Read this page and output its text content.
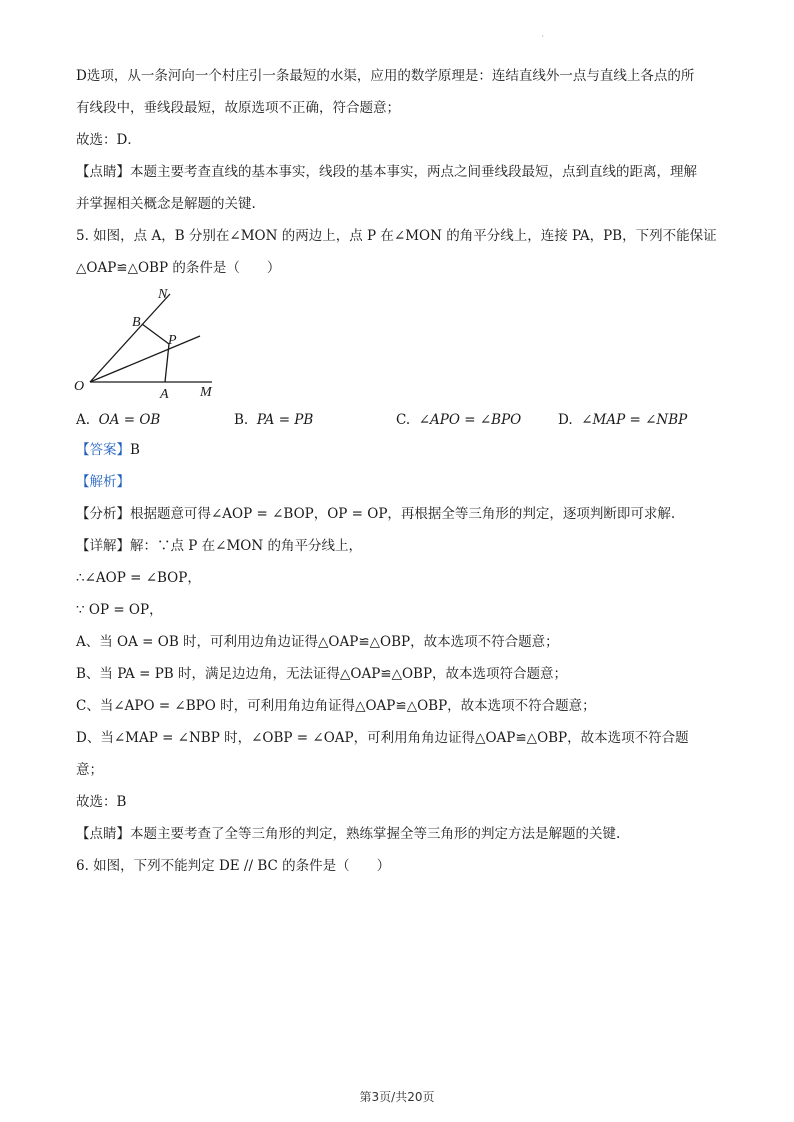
·
D选项，从一条河向一个村庄引一条最短的水渠，应用的数学原理是：连结直线外一点与直线上各点的所
有线段中，垂线段最短，故原选项不正确，符合题意；
故选：D．
【点睛】本题主要考查直线的基本事实，线段的基本事实，两点之间垂线段最短，点到直线的距离，理解
并掌握相关概念是解题的关键.
5. 如图，点 A，B 分别在∠MON 的两边上，点 P 在∠MON 的角平分线上，连接 PA，PB，下列不能保证
△OAP≌△OBP 的条件是（　　）
N
B
P
O
A M
A. OA = OB	B. PA = PB	C. ∠APO = ∠BPO	D. ∠MAP = ∠NBP
【答案】B
【解析】
【分析】根据题意可得∠AOP = ∠BOP，OP = OP，再根据全等三角形的判定，逐项判断即可求解.
【详解】解：∵点 P 在∠MON 的角平分线上，
∴∠AOP = ∠BOP，
∵ OP = OP，
A、当 OA = OB 时，可利用边角边证得△OAP≌△OBP，故本选项不符合题意；
B、当 PA = PB 时，满足边边角，无法证得△OAP≌△OBP，故本选项符合题意；
C、当∠APO = ∠BPO 时，可利用角边角证得△OAP≌△OBP，故本选项不符合题意；
D、当∠MAP = ∠NBP 时，∠OBP = ∠OAP，可利用角角边证得△OAP≌△OBP，故本选项不符合题
意；
故选：B
【点睛】本题主要考查了全等三角形的判定，熟练掌握全等三角形的判定方法是解题的关键.
6. 如图，下列不能判定 DE // BC 的条件是（　　）
第3页/共20页
